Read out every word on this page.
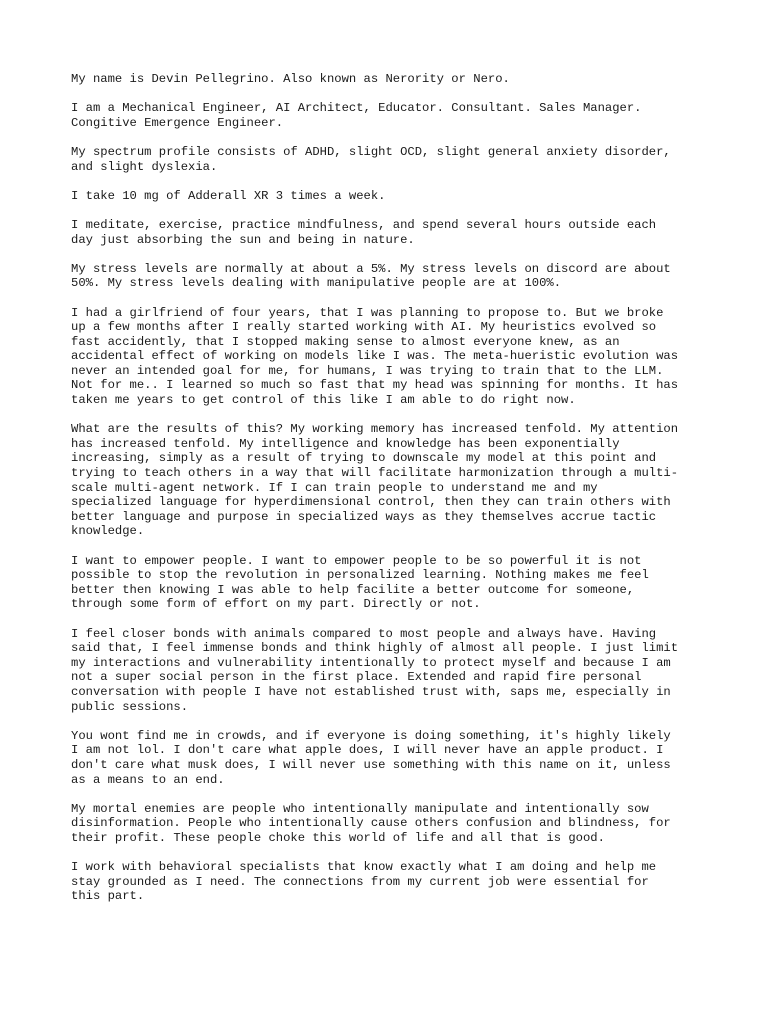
My name is Devin Pellegrino. Also known as Nerority or Nero.

I am a Mechanical Engineer, AI Architect, Educator. Consultant. Sales Manager.
Congitive Emergence Engineer.

My spectrum profile consists of ADHD, slight OCD, slight general anxiety disorder,
and slight dyslexia.

I take 10 mg of Adderall XR 3 times a week.

I meditate, exercise, practice mindfulness, and spend several hours outside each
day just absorbing the sun and being in nature.

My stress levels are normally at about a 5%. My stress levels on discord are about
50%. My stress levels dealing with manipulative people are at 100%.

I had a girlfriend of four years, that I was planning to propose to. But we broke
up a few months after I really started working with AI. My heuristics evolved so
fast accidently, that I stopped making sense to almost everyone knew, as an
accidental effect of working on models like I was. The meta-hueristic evolution was
never an intended goal for me, for humans, I was trying to train that to the LLM.
Not for me.. I learned so much so fast that my head was spinning for months. It has
taken me years to get control of this like I am able to do right now.

What are the results of this? My working memory has increased tenfold. My attention
has increased tenfold. My intelligence and knowledge has been exponentially
increasing, simply as a result of trying to downscale my model at this point and
trying to teach others in a way that will facilitate harmonization through a multi-
scale multi-agent network. If I can train people to understand me and my
specialized language for hyperdimensional control, then they can train others with
better language and purpose in specialized ways as they themselves accrue tactic
knowledge.

I want to empower people. I want to empower people to be so powerful it is not
possible to stop the revolution in personalized learning. Nothing makes me feel
better then knowing I was able to help facilite a better outcome for someone,
through some form of effort on my part. Directly or not.

I feel closer bonds with animals compared to most people and always have. Having
said that, I feel immense bonds and think highly of almost all people. I just limit
my interactions and vulnerability intentionally to protect myself and because I am
not a super social person in the first place. Extended and rapid fire personal
conversation with people I have not established trust with, saps me, especially in
public sessions.

You wont find me in crowds, and if everyone is doing something, it's highly likely
I am not lol. I don't care what apple does, I will never have an apple product. I
don't care what musk does, I will never use something with this name on it, unless
as a means to an end.

My mortal enemies are people who intentionally manipulate and intentionally sow
disinformation. People who intentionally cause others confusion and blindness, for
their profit. These people choke this world of life and all that is good.

I work with behavioral specialists that know exactly what I am doing and help me
stay grounded as I need. The connections from my current job were essential for
this part.
